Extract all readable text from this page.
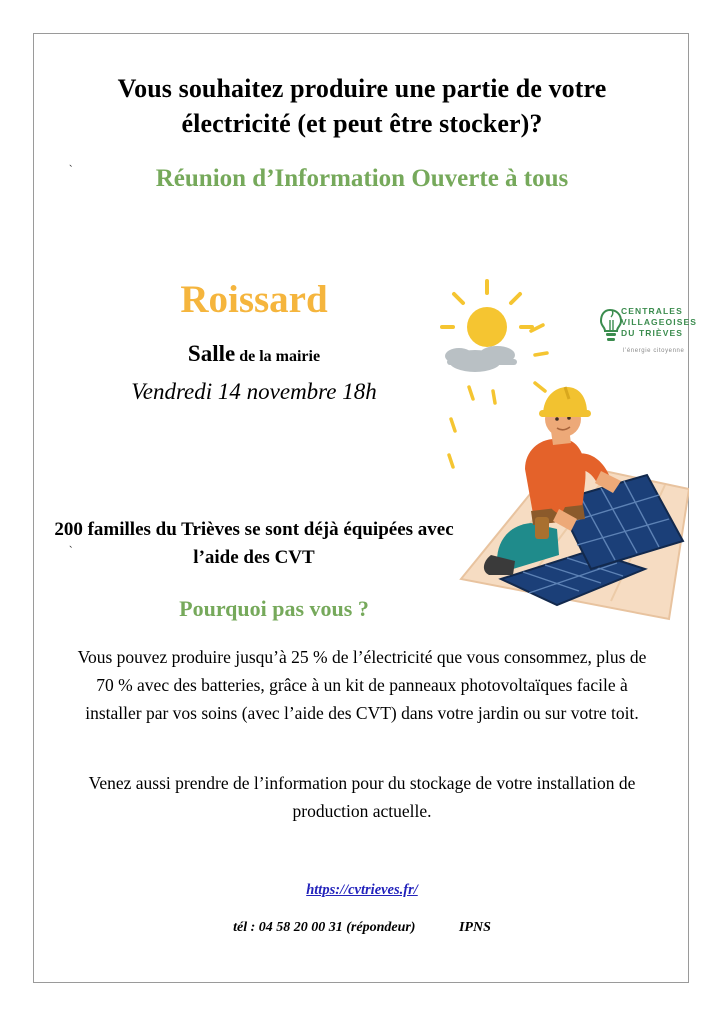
Vous souhaitez produire une partie de votre électricité (et peut être stocker)?
`	Réunion d’Information Ouverte à tous
Roissard
Salle de la mairie
Vendredi 14 novembre 18h
200 familles du Trièves se sont déjà équipées avec l’aide des CVT
`
Pourquoi pas vous ?
Vous pouvez produire jusqu’à 25 % de l’électricité que vous consommez, plus de 70 % avec des batteries, grâce à un kit de panneaux photovoltaïques facile à installer par vos soins (avec l’aide des CVT) dans votre jardin ou sur votre toit.
Venez aussi prendre de l’information pour du stockage de votre installation de production actuelle.
https://cvtrieves.fr/
tél : 04 58 20 00 31 (répondeur)	IPNS
CENTRALES
VILLAGEOISES
DU TRIÈVES
l’énergie citoyenne
